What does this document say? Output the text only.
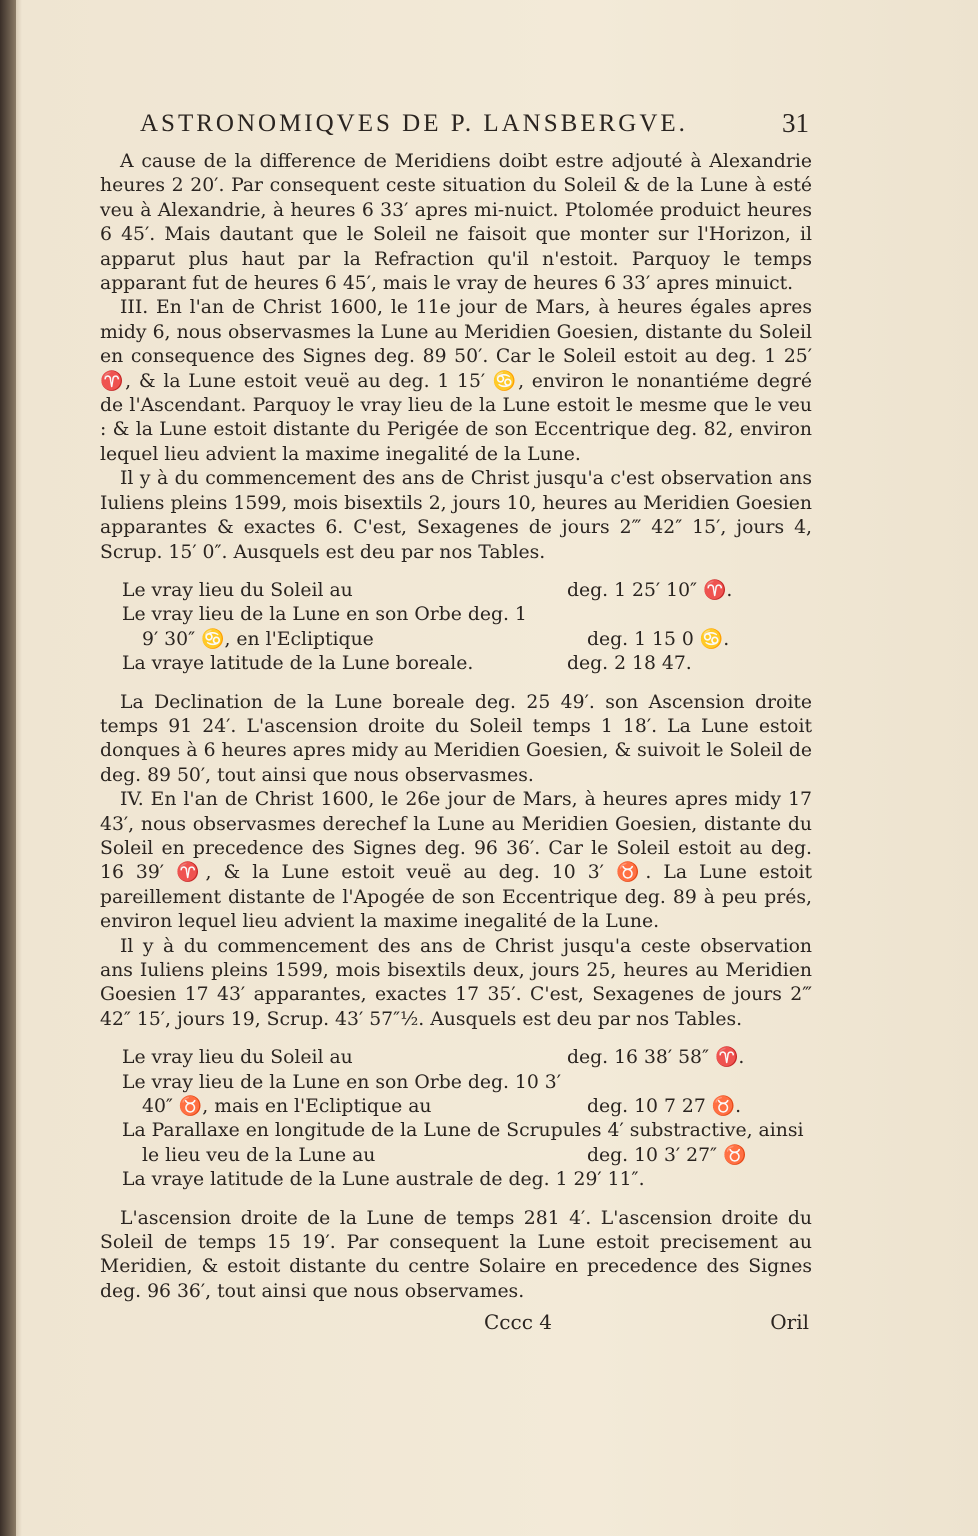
ASTRONOMIQVES DE P. LANSBERGVE.	31

A cause de la difference de Meridiens doibt estre adjouté à Alexandrie heures 2 20′. Par consequent ceste situation du Soleil & de la Lune à esté veu à Alexandrie, à heures 6 33′ apres mi-nuict. Ptolomée produict heures 6 45′. Mais dautant que le Soleil ne faisoit que monter sur l'Horizon, il apparut plus haut par la Refraction qu'il n'estoit. Parquoy le temps apparant fut de heures 6 45′, mais le vray de heures 6 33′ apres minuict.

III. En l'an de Christ 1600, le 11e jour de Mars, à heures égales apres midy 6, nous observasmes la Lune au Meridien Goesien, distante du Soleil en consequence des Signes deg. 89 50′. Car le Soleil estoit au deg. 1 25′ ♈, & la Lune estoit veuë au deg. 1 15′ ♋, environ le nonantiéme degré de l'Ascendant. Parquoy le vray lieu de la Lune estoit le mesme que le veu : & la Lune estoit distante du Perigée de son Eccentrique deg. 82, environ lequel lieu advient la maxime inegalité de la Lune.

Il y à du commencement des ans de Christ jusqu'a c'est observation ans Iuliens pleins 1599, mois bisextils 2, jours 10, heures au Meridien Goesien apparantes & exactes 6. C'est, Sexagenes de jours 2‴ 42″ 15′, jours 4, Scrup. 15′ 0″. Ausquels est deu par nos Tables.

Le vray lieu du Soleil au	deg. 1 25′ 10″ ♈.
Le vray lieu de la Lune en son Orbe deg. 1
9′ 30″ ♋, en l'Ecliptique	deg. 1 15 0 ♋.
La vraye latitude de la Lune boreale.	deg. 2 18 47.

La Declination de la Lune boreale deg. 25 49′. son Ascension droite temps 91 24′. L'ascension droite du Soleil temps 1 18′. La Lune estoit donques à 6 heures apres midy au Meridien Goesien, & suivoit le Soleil de deg. 89 50′, tout ainsi que nous observasmes.

IV. En l'an de Christ 1600, le 26e jour de Mars, à heures apres midy 17 43′, nous observasmes derechef la Lune au Meridien Goesien, distante du Soleil en precedence des Signes deg. 96 36′. Car le Soleil estoit au deg. 16 39′ ♈, & la Lune estoit veuë au deg. 10 3′ ♉. La Lune estoit pareillement distante de l'Apogée de son Eccentrique deg. 89 à peu prés, environ lequel lieu advient la maxime inegalité de la Lune.

Il y à du commencement des ans de Christ jusqu'a ceste observation ans Iuliens pleins 1599, mois bisextils deux, jours 25, heures au Meridien Goesien 17 43′ apparantes, exactes 17 35′. C'est, Sexagenes de jours 2‴ 42″ 15′, jours 19, Scrup. 43′ 57″½. Ausquels est deu par nos Tables.

Le vray lieu du Soleil au	deg. 16 38′ 58″ ♈.
Le vray lieu de la Lune en son Orbe deg. 10 3′
40″ ♉, mais en l'Ecliptique au	deg. 10 7 27 ♉.
La Parallaxe en longitude de la Lune de Scrupules 4′ substractive, ainsi
le lieu veu de la Lune au	deg. 10 3′ 27″ ♉
La vraye latitude de la Lune australe de deg. 1 29′ 11″.

L'ascension droite de la Lune de temps 281 4′. L'ascension droite du Soleil de temps 15 19′. Par consequent la Lune estoit precisement au Meridien, & estoit distante du centre Solaire en precedence des Signes deg. 96 36′, tout ainsi que nous observames.

Cccc 4	Oril
